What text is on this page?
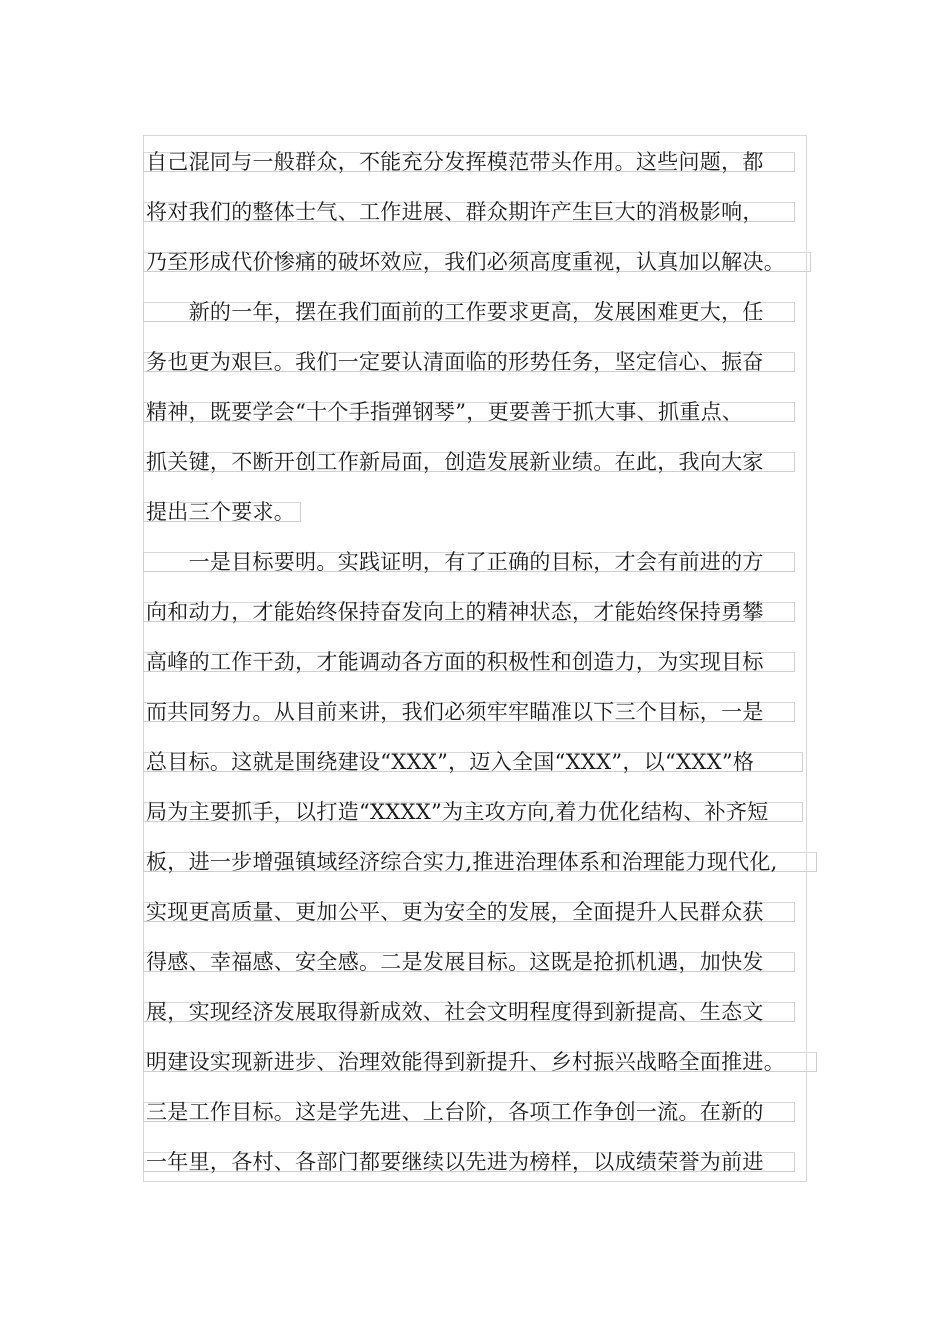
自己混同与一般群众，不能充分发挥模范带头作用。这些问题，都
将对我们的整体士气、工作进展、群众期许产生巨大的消极影响，
乃至形成代价惨痛的破坏效应，我们必须高度重视，认真加以解决。
　　新的一年，摆在我们面前的工作要求更高，发展困难更大，任
务也更为艰巨。我们一定要认清面临的形势任务，坚定信心、振奋
精神，既要学会“十个手指弹钢琴”，更要善于抓大事、抓重点、
抓关键，不断开创工作新局面，创造发展新业绩。在此，我向大家
提出三个要求。
　　一是目标要明。实践证明，有了正确的目标，才会有前进的方
向和动力，才能始终保持奋发向上的精神状态，才能始终保持勇攀
高峰的工作干劲，才能调动各方面的积极性和创造力，为实现目标
而共同努力。从目前来讲，我们必须牢牢瞄准以下三个目标，一是
总目标。这就是围绕建设“XXX”，迈入全国“XXX”，以“XXX”格
局为主要抓手，以打造“XXXX”为主攻方向,着力优化结构、补齐短
板，进一步增强镇域经济综合实力,推进治理体系和治理能力现代化,
实现更高质量、更加公平、更为安全的发展，全面提升人民群众获
得感、幸福感、安全感。二是发展目标。这既是抢抓机遇，加快发
展，实现经济发展取得新成效、社会文明程度得到新提高、生态文
明建设实现新进步、治理效能得到新提升、乡村振兴战略全面推进。
三是工作目标。这是学先进、上台阶，各项工作争创一流。在新的
一年里，各村、各部门都要继续以先进为榜样，以成绩荣誉为前进
